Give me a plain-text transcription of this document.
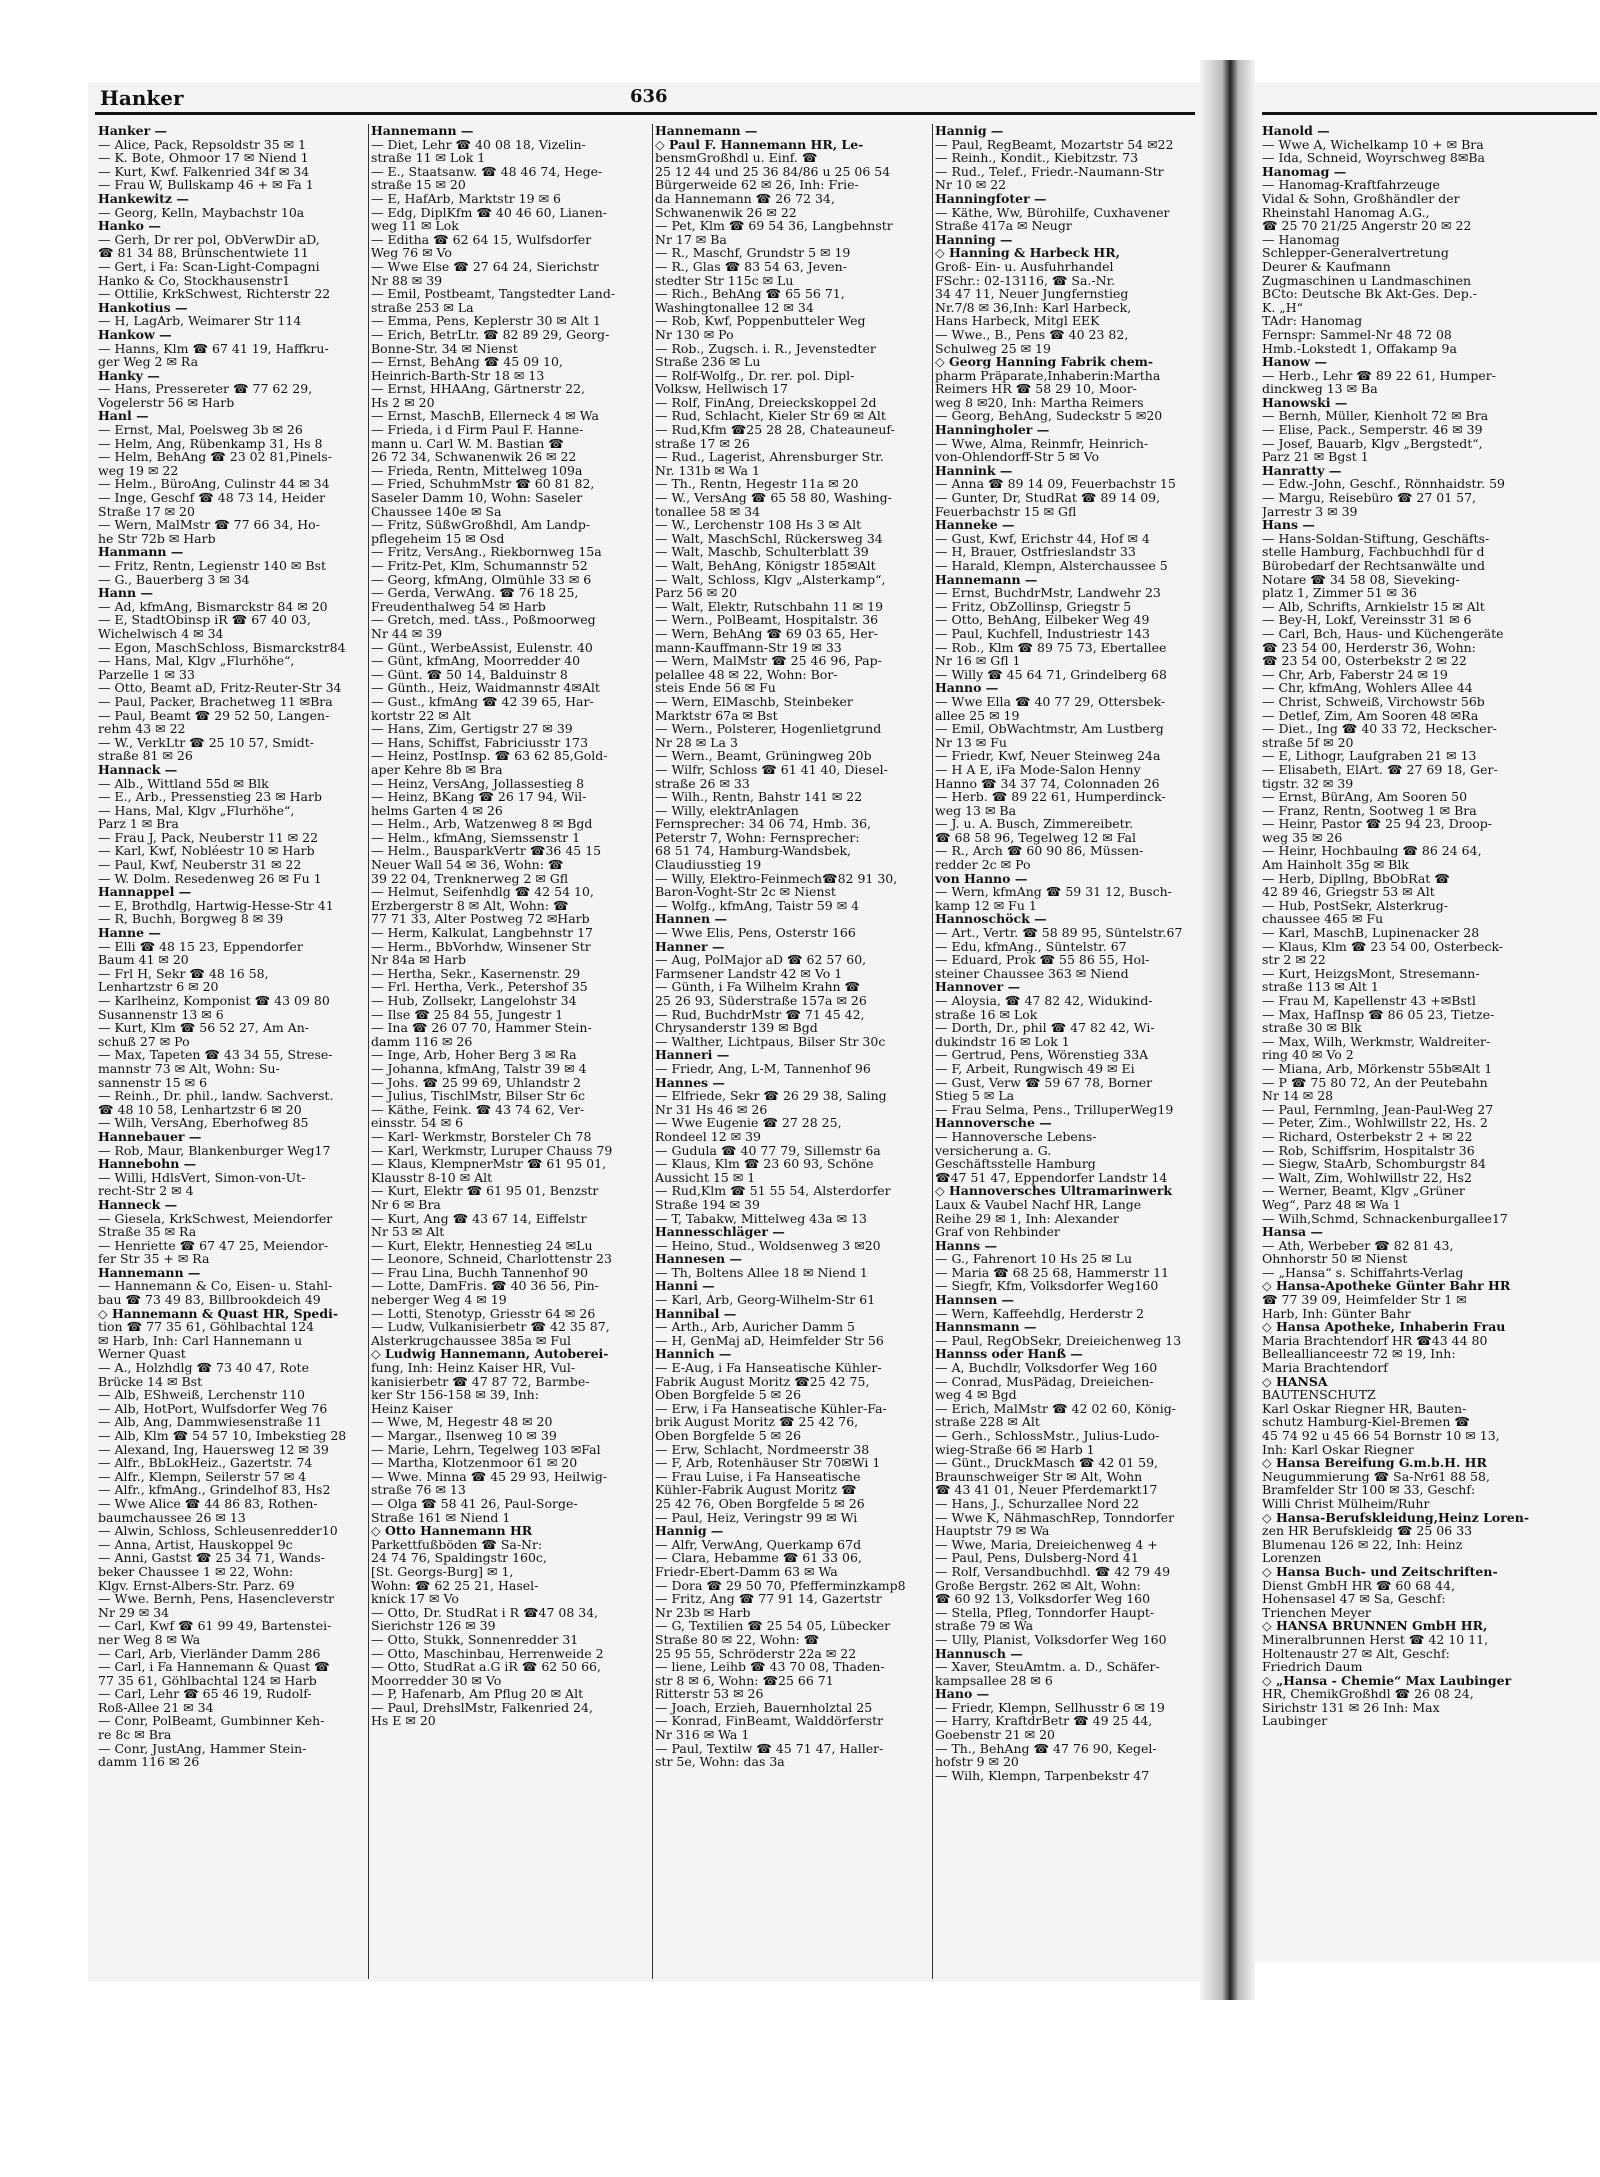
Hanker	636
Hanker —
— Alice, Pack, Repsoldstr 35 ✉ 1
— K. Bote, Ohmoor 17 ✉ Niend 1
— Kurt, Kwf. Falkenried 34f ✉ 34
— Frau W, Bullskamp 46 + ✉ Fa 1
Hankewitz —
— Georg, Kelln, Maybachstr 10a
Hanko —
— Gerh, Dr rer pol, ObVerwDir aD,
☎ 81 34 88, Brünschentwiete 11
— Gert, i Fa: Scan-Light-Compagni
Hanko & Co, Stockhausenstr1
— Ottilie, KrkSchwest, Richterstr 22
Hankotius —
— H, LagArb, Weimarer Str 114
Hankow —
— Hanns, Klm ☎ 67 41 19, Haffkru-
ger Weg 2 ✉ Ra
Hanky —
— Hans, Pressereter ☎ 77 62 29,
Vogelerstr 56 ✉ Harb
Hanl —
— Ernst, Mal, Poelsweg 3b ✉ 26
— Helm, Ang, Rübenkamp 31, Hs 8
— Helm, BehAng ☎ 23 02 81,Pinels-
weg 19 ✉ 22
— Helm., BüroAng, Culinstr 44 ✉ 34
— Inge, Geschf ☎ 48 73 14, Heider
Straße 17 ✉ 20
— Wern, MalMstr ☎ 77 66 34, Ho-
he Str 72b ✉ Harb
Hanmann —
— Fritz, Rentn, Legienstr 140 ✉ Bst
— G., Bauerberg 3 ✉ 34
Hann —
— Ad, kfmAng, Bismarckstr 84 ✉ 20
— E, StadtObinsp iR ☎ 67 40 03,
Wichelwisch 4 ✉ 34
— Egon, MaschSchloss, Bismarckstr84
— Hans, Mal, Klgv „Flurhöhe“,
Parzelle 1 ✉ 33
— Otto, Beamt aD, Fritz-Reuter-Str 34
— Paul, Packer, Brachetweg 11 ✉Bra
— Paul, Beamt ☎ 29 52 50, Langen-
rehm 43 ✉ 22
— W., VerkLtr ☎ 25 10 57, Smidt-
straße 81 ✉ 26
Hannack —
— Alb., Wittland 55d ✉ Blk
— E., Arb., Pressenstieg 23 ✉ Harb
— Hans, Mal, Klgv „Flurhöhe“,
Parz 1 ✉ Bra
— Frau J, Pack, Neuberstr 11 ✉ 22
— Karl, Kwf, Nobléestr 10 ✉ Harb
— Paul, Kwf, Neuberstr 31 ✉ 22
— W. Dolm. Resedenweg 26 ✉ Fu 1
Hannappel —
— E, Brothdlg, Hartwig-Hesse-Str 41
— R, Buchh, Borgweg 8 ✉ 39
Hanne —
— Elli ☎ 48 15 23, Eppendorfer
Baum 41 ✉ 20
— Frl H, Sekr ☎ 48 16 58,
Lenhartzstr 6 ✉ 20
— Karlheinz, Komponist ☎ 43 09 80
Susannenstr 13 ✉ 6
— Kurt, Klm ☎ 56 52 27, Am An-
schuß 27 ✉ Po
— Max, Tapeten ☎ 43 34 55, Strese-
mannstr 73 ✉ Alt, Wohn: Su-
sannenstr 15 ✉ 6
— Reinh., Dr. phil., landw. Sachverst.
☎ 48 10 58, Lenhartzstr 6 ✉ 20
— Wilh, VersAng, Eberhofweg 85
Hannebauer —
— Rob, Maur, Blankenburger Weg17
Hannebohn —
— Willi, HdlsVert, Simon-von-Ut-
recht-Str 2 ✉ 4
Hanneck —
— Giesela, KrkSchwest, Meiendorfer
Straße 35 ✉ Ra
— Henriette ☎ 67 47 25, Meiendor-
fer Str 35 + ✉ Ra
Hannemann —
— Hannemann & Co, Eisen- u. Stahl-
bau ☎ 73 49 83, Billbrookdeich 49
◇ Hannemann & Quast HR, Spedi-
tion ☎ 77 35 61, Göhlbachtal 124
✉ Harb, Inh: Carl Hannemann u
Werner Quast
— A., Holzhdlg ☎ 73 40 47, Rote
Brücke 14 ✉ Bst
— Alb, EShweiß, Lerchenstr 110
— Alb, HotPort, Wulfsdorfer Weg 76
— Alb, Ang, Dammwiesenstraße 11
— Alb, Klm ☎ 54 57 10, Imbekstieg 28
— Alexand, Ing, Hauersweg 12 ✉ 39
— Alfr., BbLokHeiz., Gazertstr. 74
— Alfr., Klempn, Seilerstr 57 ✉ 4
— Alfr., kfmAng., Grindelhof 83, Hs2
— Wwe Alice ☎ 44 86 83, Rothen-
baumchaussee 26 ✉ 13
— Alwin, Schloss, Schleusenredder10
— Anna, Artist, Hauskoppel 9c
— Anni, Gastst ☎ 25 34 71, Wands-
beker Chaussee 1 ✉ 22, Wohn:
Klgv. Ernst-Albers-Str. Parz. 69
— Wwe. Bernh, Pens, Hasencleverstr
Nr 29 ✉ 34
— Carl, Kwf ☎ 61 99 49, Bartenstei-
ner Weg 8 ✉ Wa
— Carl, Arb, Vierländer Damm 286
— Carl, i Fa Hannemann & Quast ☎
77 35 61, Göhlbachtal 124 ✉ Harb
— Carl, Lehr ☎ 65 46 19, Rudolf-
Roß-Allee 21 ✉ 34
— Conr, PolBeamt, Gumbinner Keh-
re 8c ✉ Bra
— Conr, JustAng, Hammer Stein-
damm 116 ✉ 26
Hannemann —
— Diet, Lehr ☎ 40 08 18, Vizelin-
straße 11 ✉ Lok 1
— E., Staatsanw. ☎ 48 46 74, Hege-
straße 15 ✉ 20
— E, HafArb, Marktstr 19 ✉ 6
— Edg, DiplKfm ☎ 40 46 60, Lianen-
weg 11 ✉ Lok
— Editha ☎ 62 64 15, Wulfsdorfer
Weg 76 ✉ Vo
— Wwe Else ☎ 27 64 24, Sierichstr
Nr 88 ✉ 39
— Emil, Postbeamt, Tangstedter Land-
straße 253 ✉ La
— Emma, Pens, Keplerstr 30 ✉ Alt 1
— Erich, BetrLtr. ☎ 82 89 29, Georg-
Bonne-Str. 34 ✉ Nienst
— Ernst, BehAng ☎ 45 09 10,
Heinrich-Barth-Str 18 ✉ 13
— Ernst, HHAAng, Gärtnerstr 22,
Hs 2 ✉ 20
— Ernst, MaschB, Ellerneck 4 ✉ Wa
— Frieda, i d Firm Paul F. Hanne-
mann u. Carl W. M. Bastian ☎
26 72 34, Schwanenwik 26 ✉ 22
— Frieda, Rentn, Mittelweg 109a
— Fried, SchuhmMstr ☎ 60 81 82,
Saseler Damm 10, Wohn: Saseler
Chaussee 140e ✉ Sa
— Fritz, SüßwGroßhdl, Am Landp-
pflegeheim 15 ✉ Osd
— Fritz, VersAng., Riekbornweg 15a
— Fritz-Pet, Klm, Schumannstr 52
— Georg, kfmAng, Olmühle 33 ✉ 6
— Gerda, VerwAng. ☎ 76 18 25,
Freudenthalweg 54 ✉ Harb
— Gretch, med. tAss., Poßmoorweg
Nr 44 ✉ 39
— Günt., WerbeAssist, Eulenstr. 40
— Günt, kfmAng, Moorredder 40
— Günt. ☎ 50 14, Balduinstr 8
— Günth., Heiz, Waidmannstr 4✉Alt
— Gust., kfmAng ☎ 42 39 65, Har-
kortstr 22 ✉ Alt
— Hans, Zim, Gertigstr 27 ✉ 39
— Hans, Schiffst, Fabriciusstr 173
— Heinz, PostInsp. ☎ 63 62 85,Gold-
aper Kehre 8b ✉ Bra
— Heinz, VersAng, Jollassestieg 8
— Heinz, BKang ☎ 26 17 94, Wil-
helms Garten 4 ✉ 26
— Helm., Arb, Watzenweg 8 ✉ Bgd
— Helm., kfmAng, Siemssenstr 1
— Helm., BausparkVertr ☎36 45 15
Neuer Wall 54 ✉ 36, Wohn: ☎
39 22 04, Trenknerweg 2 ✉ Gfl
— Helmut, Seifenhdlg ☎ 42 54 10,
Erzbergerstr 8 ✉ Alt, Wohn: ☎
77 71 33, Alter Postweg 72 ✉Harb
— Herm, Kalkulat, Langbehnstr 17
— Herm., BbVorhdw, Winsener Str
Nr 84a ✉ Harb
— Hertha, Sekr., Kasernenstr. 29
— Frl. Hertha, Verk., Petershof 35
— Hub, Zollsekr, Langelohstr 34
— Ilse ☎ 25 84 55, Jungestr 1
— Ina ☎ 26 07 70, Hammer Stein-
damm 116 ✉ 26
— Inge, Arb, Hoher Berg 3 ✉ Ra
— Johanna, kfmAng, Talstr 39 ✉ 4
— Johs. ☎ 25 99 69, Uhlandstr 2
— Julius, TischlMstr, Bilser Str 6c
— Käthe, Feink. ☎ 43 74 62, Ver-
einsstr. 54 ✉ 6
— Karl- Werkmstr, Borsteler Ch 78
— Karl, Werkmstr, Luruper Chauss 79
— Klaus, KlempnerMstr ☎ 61 95 01,
Klausstr 8-10 ✉ Alt
— Kurt, Elektr ☎ 61 95 01, Benzstr
Nr 6 ✉ Bra
— Kurt, Ang ☎ 43 67 14, Eiffelstr
Nr 53 ✉ Alt
— Kurt, Elektr, Hennestieg 24 ✉Lu
— Leonore, Schneid, Charlottenstr 23
— Frau Lina, Buchh Tannenhof 90
— Lotte, DamFris. ☎ 40 36 56, Pin-
neberger Weg 4 ✉ 19
— Lotti, Stenotyp, Griesstr 64 ✉ 26
— Ludw, Vulkanisierbetr ☎ 42 35 87,
Alsterkrugchaussee 385a ✉ Ful
◇ Ludwig Hannemann, Autoberei-
fung, Inh: Heinz Kaiser HR, Vul-
kanisierbetr ☎ 47 87 72, Barmbe-
ker Str 156-158 ✉ 39, Inh:
Heinz Kaiser
— Wwe, M, Hegestr 48 ✉ 20
— Margar., Ilsenweg 10 ✉ 39
— Marie, Lehrn, Tegelweg 103 ✉Fal
— Martha, Klotzenmoor 61 ✉ 20
— Wwe. Minna ☎ 45 29 93, Heilwig-
straße 76 ✉ 13
— Olga ☎ 58 41 26, Paul-Sorge-
Straße 161 ✉ Niend 1
◇ Otto Hannemann HR
Parkettfußböden ☎ Sa-Nr:
24 74 76, Spaldingstr 160c,
[St. Georgs-Burg] ✉ 1,
Wohn: ☎ 62 25 21, Hasel-
knick 17 ✉ Vo
— Otto, Dr. StudRat i R ☎47 08 34,
Sierichstr 126 ✉ 39
— Otto, Stukk, Sonnenredder 31
— Otto, Maschinbau, Herrenweide 2
— Otto, StudRat a.G iR ☎ 62 50 66,
Moorredder 30 ✉ Vo
— P, Hafenarb, Am Pflug 20 ✉ Alt
— Paul, DrehslMstr, Falkenried 24,
Hs E ✉ 20
Hannemann —
◇ Paul F. Hannemann HR, Le-
bensmGroßhdl u. Einf. ☎
25 12 44 und 25 36 84/86 u 25 06 54
Bürgerweide 62 ✉ 26, Inh: Frie-
da Hannemann ☎ 26 72 34,
Schwanenwik 26 ✉ 22
— Pet, Klm ☎ 69 54 36, Langbehnstr
Nr 17 ✉ Ba
— R., Maschf, Grundstr 5 ✉ 19
— R., Glas ☎ 83 54 63, Jeven-
stedter Str 115c ✉ Lu
— Rich., BehAng ☎ 65 56 71,
Washingtonallee 12 ✉ 34
— Rob, Kwf, Poppenbutteler Weg
Nr 130 ✉ Po
— Rob., Zugsch. i. R., Jevenstedter
Straße 236 ✉ Lu
— Rolf-Wolfg., Dr. rer. pol. Dipl-
Volksw, Hellwisch 17
— Rolf, FinAng, Dreieckskoppel 2d
— Rud, Schlacht, Kieler Str 69 ✉ Alt
— Rud,Kfm ☎25 28 28, Chateauneuf-
straße 17 ✉ 26
— Rud., Lagerist, Ahrensburger Str.
Nr. 131b ✉ Wa 1
— Th., Rentn, Hegestr 11a ✉ 20
— W., VersAng ☎ 65 58 80, Washing-
tonallee 58 ✉ 34
— W., Lerchenstr 108 Hs 3 ✉ Alt
— Walt, MaschSchl, Rückersweg 34
— Walt, Maschb, Schulterblatt 39
— Walt, BehAng, Königstr 185✉Alt
— Walt, Schloss, Klgv „Alsterkamp“,
Parz 56 ✉ 20
— Walt, Elektr, Rutschbahn 11 ✉ 19
— Wern., PolBeamt, Hospitalstr. 36
— Wern, BehAng ☎ 69 03 65, Her-
mann-Kauffmann-Str 19 ✉ 33
— Wern, MalMstr ☎ 25 46 96, Pap-
pelallee 48 ✉ 22, Wohn: Bor-
steis Ende 56 ✉ Fu
— Wern, ElMaschb, Steinbeker
Marktstr 67a ✉ Bst
— Wern., Polsterer, Hogenlietgrund
Nr 28 ✉ La 3
— Wern., Beamt, Grüningweg 20b
— Wilfr, Schloss ☎ 61 41 40, Diesel-
straße 26 ✉ 33
— Wilh., Rentn, Bahstr 141 ✉ 22
— Willy, elektrAnlagen
Fernsprecher: 34 06 74, Hmb. 36,
Peterstr 7, Wohn: Fernsprecher:
68 51 74, Hamburg-Wandsbek,
Claudiusstieg 19
— Willy, Elektro-Feinmech☎82 91 30,
Baron-Voght-Str 2c ✉ Nienst
— Wolfg., kfmAng, Taistr 59 ✉ 4
Hannen —
— Wwe Elis, Pens, Osterstr 166
Hanner —
— Aug, PolMajor aD ☎ 62 57 60,
Farmsener Landstr 42 ✉ Vo 1
— Günth, i Fa Wilhelm Krahn ☎
25 26 93, Süderstraße 157a ✉ 26
— Rud, BuchdrMstr ☎ 71 45 42,
Chrysanderstr 139 ✉ Bgd
— Walther, Lichtpaus, Bilser Str 30c
Hanneri —
— Friedr, Ang, L-M, Tannenhof 96
Hannes —
— Elfriede, Sekr ☎ 26 29 38, Saling
Nr 31 Hs 46 ✉ 26
— Wwe Eugenie ☎ 27 28 25,
Rondeel 12 ✉ 39
— Gudula ☎ 40 77 79, Sillemstr 6a
— Klaus, Klm ☎ 23 60 93, Schöne
Aussicht 15 ✉ 1
— Rud,Klm ☎ 51 55 54, Alsterdorfer
Straße 194 ✉ 39
— T, Tabakw, Mittelweg 43a ✉ 13
Hannesschläger —
— Heino, Stud., Woldsenweg 3 ✉20
Hannesen —
— Th, Boltens Allee 18 ✉ Niend 1
Hanni —
— Karl, Arb, Georg-Wilhelm-Str 61
Hannibal —
— Arth., Arb, Auricher Damm 5
— H, GenMaj aD, Heimfelder Str 56
Hannich —
— E-Aug, i Fa Hanseatische Kühler-
Fabrik August Moritz ☎25 42 75,
Oben Borgfelde 5 ✉ 26
— Erw, i Fa Hanseatische Kühler-Fa-
brik August Moritz ☎ 25 42 76,
Oben Borgfelde 5 ✉ 26
— Erw, Schlacht, Nordmeerstr 38
— F, Arb, Rotenhäuser Str 70✉Wi 1
— Frau Luise, i Fa Hanseatische
Kühler-Fabrik August Moritz ☎
25 42 76, Oben Borgfelde 5 ✉ 26
— Paul, Heiz, Veringstr 99 ✉ Wi
Hannig —
— Alfr, VerwAng, Querkamp 67d
— Clara, Hebamme ☎ 61 33 06,
Friedr-Ebert-Damm 63 ✉ Wa
— Dora ☎ 29 50 70, Pfefferminzkamp8
— Fritz, Ang ☎ 77 91 14, Gazertstr
Nr 23b ✉ Harb
— G, Textilien ☎ 25 54 05, Lübecker
Straße 80 ✉ 22, Wohn: ☎
25 95 55, Schröderstr 22a ✉ 22
— liene, Leihb ☎ 43 70 08, Thaden-
str 8 ✉ 6, Wohn: ☎25 66 71
Ritterstr 53 ✉ 26
— Joach, Erzieh, Bauernholztal 25
— Konrad, FinBeamt, Walddörferstr
Nr 316 ✉ Wa 1
— Paul, Textilw ☎ 45 71 47, Haller-
str 5e, Wohn: das 3a
Hannig —
— Paul, RegBeamt, Mozartstr 54 ✉22
— Reinh., Kondit., Kiebitzstr. 73
— Rud., Telef., Friedr.-Naumann-Str
Nr 10 ✉ 22
Hanningfoter —
— Käthe, Ww, Bürohilfe, Cuxhavener
Straße 417a ✉ Neugr
Hanning —
◇ Hanning & Harbeck HR,
Groß- Ein- u. Ausfuhrhandel
FSchr.: 02-13116, ☎ Sa.-Nr.
34 47 11, Neuer Jungfernstieg
Nr.7/8 ✉ 36,Inh: Karl Harbeck,
Hans Harbeck, Mitgl EEK
— Wwe., B., Pens ☎ 40 23 82,
Schulweg 25 ✉ 19
◇ Georg Hanning Fabrik chem-
pharm Präparate,Inhaberin:Martha
Reimers HR ☎ 58 29 10, Moor-
weg 8 ✉20, Inh: Martha Reimers
— Georg, BehAng, Sudeckstr 5 ✉20
Hanningholer —
— Wwe, Alma, Reinmfr, Heinrich-
von-Ohlendorff-Str 5 ✉ Vo
Hannink —
— Anna ☎ 89 14 09, Feuerbachstr 15
— Gunter, Dr, StudRat ☎ 89 14 09,
Feuerbachstr 15 ✉ Gfl
Hanneke —
— Gust, Kwf, Erichstr 44, Hof ✉ 4
— H, Brauer, Ostfrieslandstr 33
— Harald, Klempn, Alsterchaussee 5
Hannemann —
— Ernst, BuchdrMstr, Landwehr 23
— Fritz, ObZollinsp, Griegstr 5
— Otto, BehAng, Eilbeker Weg 49
— Paul, Kuchfell, Industriestr 143
— Rob., Klm ☎ 89 75 73, Ebertallee
Nr 16 ✉ Gfl 1
— Willy ☎ 45 64 71, Grindelberg 68
Hanno —
— Wwe Ella ☎ 40 77 29, Ottersbek-
allee 25 ✉ 19
— Emil, ObWachtmstr, Am Lustberg
Nr 13 ✉ Fu
— Friedr, Kwf, Neuer Steinweg 24a
— H A E, iFa Mode-Salon Henny
Hanno ☎ 34 37 74, Colonnaden 26
— Herb. ☎ 89 22 61, Humperdinck-
weg 13 ✉ Ba
— J. u. A. Busch, Zimmereibetr.
☎ 68 58 96, Tegelweg 12 ✉ Fal
— R., Arch ☎ 60 90 86, Müssen-
redder 2c ✉ Po
von Hanno —
— Wern, kfmAng ☎ 59 31 12, Busch-
kamp 12 ✉ Fu 1
Hannoschöck —
— Art., Vertr. ☎ 58 89 95, Süntelstr.67
— Edu, kfmAng., Süntelstr. 67
— Eduard, Prok ☎ 55 86 55, Hol-
steiner Chaussee 363 ✉ Niend
Hannover —
— Aloysia, ☎ 47 82 42, Widukind-
straße 16 ✉ Lok
— Dorth, Dr., phil ☎ 47 82 42, Wi-
dukindstr 16 ✉ Lok 1
— Gertrud, Pens, Wörenstieg 33A
— F, Arbeit, Rungwisch 49 ✉ Ei
— Gust, Verw ☎ 59 67 78, Borner
Stieg 5 ✉ La
— Frau Selma, Pens., TrilluperWeg19
Hannoversche —
— Hannoversche Lebens-
versicherung a. G.
Geschäftsstelle Hamburg
☎47 51 47, Eppendorfer Landstr 14
◇ Hannoversches Ultramarinwerk
Laux & Vaubel Nachf HR, Lange
Reihe 29 ✉ 1, Inh: Alexander
Graf von Rehbinder
Hanns —
— G., Fahrenort 10 Hs 25 ✉ Lu
— Maria ☎ 68 25 68, Hammerstr 11
— Siegfr, Kfm, Volksdorfer Weg160
Hannsen —
— Wern, Kaffeehdlg, Herderstr 2
Hannsmann —
— Paul, RegObSekr, Dreieichenweg 13
Hannss oder Hanß —
— A, Buchdlr, Volksdorfer Weg 160
— Conrad, MusPädag, Dreieichen-
weg 4 ✉ Bgd
— Erich, MalMstr ☎ 42 02 60, König-
straße 228 ✉ Alt
— Gerh., SchlossMstr., Julius-Ludo-
wieg-Straße 66 ✉ Harb 1
— Günt., DruckMasch ☎ 42 01 59,
Braunschweiger Str ✉ Alt, Wohn
☎ 43 41 01, Neuer Pferdemarkt17
— Hans, J., Schurzallee Nord 22
— Wwe K, NähmaschRep, Tonndorfer
Hauptstr 79 ✉ Wa
— Wwe, Maria, Dreieichenweg 4 +
— Paul, Pens, Dulsberg-Nord 41
— Rolf, Versandbuchhdl. ☎ 42 79 49
Große Bergstr. 262 ✉ Alt, Wohn:
☎ 60 92 13, Volksdorfer Weg 160
— Stella, Pfleg, Tonndorfer Haupt-
straße 79 ✉ Wa
— Ully, Planist, Volksdorfer Weg 160
Hannusch —
— Xaver, SteuAmtm. a. D., Schäfer-
kampsallee 28 ✉ 6
Hano —
— Friedr, Klempn, Sellhusstr 6 ✉ 19
— Harry, KraftdrBetr ☎ 49 25 44,
Goebenstr 21 ✉ 20
— Th., BehAng ☎ 47 76 90, Kegel-
hofstr 9 ✉ 20
— Wilh, Klempn, Tarpenbekstr 47
Hanold —
— Wwe A, Wichelkamp 10 + ✉ Bra
— Ida, Schneid, Woyrschweg 8✉Ba
Hanomag —
— Hanomag-Kraftfahrzeuge
Vidal & Sohn, Großhändler der
Rheinstahl Hanomag A.G.,
☎ 25 70 21/25 Angerstr 20 ✉ 22
— Hanomag
Schlepper-Generalvertretung
Deurer & Kaufmann
Zugmaschinen u Landmaschinen
BCto: Deutsche Bk Akt-Ges. Dep.-
K. „H“
TAdr: Hanomag
Fernspr: Sammel-Nr 48 72 08
Hmb.-Lokstedt 1, Offakamp 9a
Hanow —
— Herb., Lehr ☎ 89 22 61, Humper-
dinckweg 13 ✉ Ba
Hanowski —
— Bernh, Müller, Kienholt 72 ✉ Bra
— Elise, Pack., Semperstr. 46 ✉ 39
— Josef, Bauarb, Klgv „Bergstedt“,
Parz 21 ✉ Bgst 1
Hanratty —
— Edw.-John, Geschf., Rönnhaidstr. 59
— Margu, Reisebüro ☎ 27 01 57,
Jarrestr 3 ✉ 39
Hans —
— Hans-Soldan-Stiftung, Geschäfts-
stelle Hamburg, Fachbuchhdl für d
Bürobedarf der Rechtsanwälte und
Notare ☎ 34 58 08, Sieveking-
platz 1, Zimmer 51 ✉ 36
— Alb, Schrifts, Arnkielstr 15 ✉ Alt
— Bey-H, Lokf, Vereinsstr 31 ✉ 6
— Carl, Bch, Haus- und Küchengeräte
☎ 23 54 00, Herderstr 36, Wohn:
☎ 23 54 00, Osterbekstr 2 ✉ 22
— Chr, Arb, Faberstr 24 ✉ 19
— Chr, kfmAng, Wohlers Allee 44
— Christ, Schweiß, Virchowstr 56b
— Detlef, Zim, Am Sooren 48 ✉Ra
— Diet., Ing ☎ 40 33 72, Heckscher-
straße 5f ✉ 20
— E, Lithogr, Laufgraben 21 ✉ 13
— Elisabeth, ElArt. ☎ 27 69 18, Ger-
tigstr. 32 ✉ 39
— Ernst, BürAng, Am Sooren 50
— Franz, Rentn, Sootweg 1 ✉ Bra
— Heinr, Pastor ☎ 25 94 23, Droop-
weg 35 ✉ 26
— Heinr, Hochbaulng ☎ 86 24 64,
Am Hainholt 35g ✉ Blk
— Herb, Dipllng, BbObRat ☎
42 89 46, Griegstr 53 ✉ Alt
— Hub, PostSekr, Alsterkrug-
chaussee 465 ✉ Fu
— Karl, MaschB, Lupinenacker 28
— Klaus, Klm ☎ 23 54 00, Osterbeck-
str 2 ✉ 22
— Kurt, HeizgsMont, Stresemann-
straße 113 ✉ Alt 1
— Frau M, Kapellenstr 43 +✉Bstl
— Max, HafInsp ☎ 86 05 23, Tietze-
straße 30 ✉ Blk
— Max, Wilh, Werkmstr, Waldreiter-
ring 40 ✉ Vo 2
— Miana, Arb, Mörkenstr 55b✉Alt 1
— P ☎ 75 80 72, An der Peutebahn
Nr 14 ✉ 28
— Paul, Fernmlng, Jean-Paul-Weg 27
— Peter, Zim., Wohlwillstr 22, Hs. 2
— Richard, Osterbekstr 2 + ✉ 22
— Rob, Schiffsrim, Hospitalstr 36
— Siegw, StaArb, Schomburgstr 84
— Walt, Zim, Wohlwillstr 22, Hs2
— Werner, Beamt, Klgv „Grüner
Weg“, Parz 48 ✉ Wa 1
— Wilh,Schmd, Schnackenburgallee17
Hansa —
— Ath, Werbeber ☎ 82 81 43,
Ohnhorstr 50 ✉ Nienst
— „Hansa“ s. Schiffahrts-Verlag
◇ Hansa-Apotheke Günter Bahr HR
☎ 77 39 09, Heimfelder Str 1 ✉
Harb, Inh: Günter Bahr
◇ Hansa Apotheke, Inhaberin Frau
Maria Brachtendorf HR ☎43 44 80
Belleallianceestr 72 ✉ 19, Inh:
Maria Brachtendorf
◇ HANSA
BAUTENSCHUTZ
Karl Oskar Riegner HR, Bauten-
schutz Hamburg-Kiel-Bremen ☎
45 74 92 u 45 66 54 Bornstr 10 ✉ 13,
Inh: Karl Oskar Riegner
◇ Hansa Bereifung G.m.b.H. HR
Neugummierung ☎ Sa-Nr61 88 58,
Bramfelder Str 100 ✉ 33, Geschf:
Willi Christ Mülheim/Ruhr
◇ Hansa-Berufskleidung,Heinz Loren-
zen HR Berufskleidg ☎ 25 06 33
Blumenau 126 ✉ 22, Inh: Heinz
Lorenzen
◇ Hansa Buch- und Zeitschriften-
Dienst GmbH HR ☎ 60 68 44,
Hohensasel 47 ✉ Sa, Geschf:
Trienchen Meyer
◇ HANSA BRUNNEN GmbH HR,
Mineralbrunnen Herst ☎ 42 10 11,
Holtenaustr 27 ✉ Alt, Geschf:
Friedrich Daum
◇ „Hansa - Chemie“ Max Laubinger
HR, ChemikGroßhdl ☎ 26 08 24,
Sirichstr 131 ✉ 26 Inh: Max
Laubinger
